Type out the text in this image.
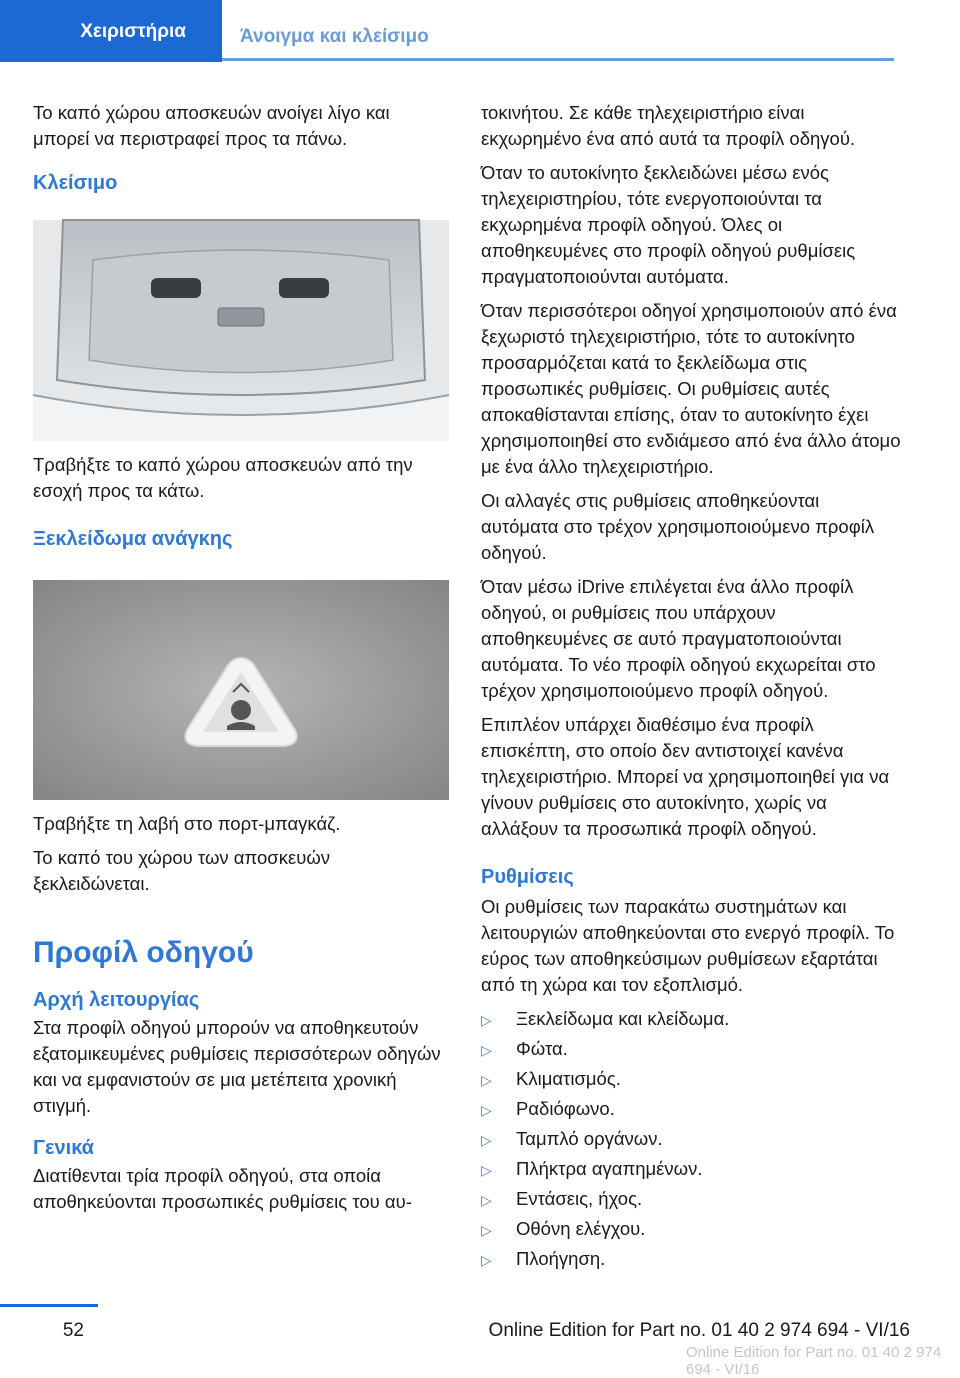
Χειριστήρια	Άνοιγμα και κλείσιμο

Το καπό χώρου αποσκευών ανοίγει λίγο και μπορεί να περιστραφεί προς τα πάνω.

Κλείσιμο

Τραβήξτε το καπό χώρου αποσκευών από την εσοχή προς τα κάτω.

Ξεκλείδωμα ανάγκης

Τραβήξτε τη λαβή στο πορτ-μπαγκάζ.

Το καπό του χώρου των αποσκευών ξεκλειδώνεται.

Προφίλ οδηγού
Αρχή λειτουργίας

Στα προφίλ οδηγού μπορούν να αποθηκευτούν εξατομικευμένες ρυθμίσεις περισσότερων οδηγών και να εμφανιστούν σε μια μετέπειτα χρονική στιγμή.

Γενικά

Διατίθενται τρία προφίλ οδηγού, στα οποία αποθηκεύονται προσωπικές ρυθμίσεις του αυ-

τοκινήτου. Σε κάθε τηλεχειριστήριο είναι εκχωρημένο ένα από αυτά τα προφίλ οδηγού.

Όταν το αυτοκίνητο ξεκλειδώνει μέσω ενός τηλεχειριστηρίου, τότε ενεργοποιούνται τα εκχωρημένα προφίλ οδηγού. Όλες οι αποθηκευμένες στο προφίλ οδηγού ρυθμίσεις πραγματοποιούνται αυτόματα.

Όταν περισσότεροι οδηγοί χρησιμοποιούν από ένα ξεχωριστό τηλεχειριστήριο, τότε το αυτοκίνητο προσαρμόζεται κατά το ξεκλείδωμα στις προσωπικές ρυθμίσεις. Οι ρυθμίσεις αυτές αποκαθίστανται επίσης, όταν το αυτοκίνητο έχει χρησιμοποιηθεί στο ενδιάμεσο από ένα άλλο άτομο με ένα άλλο τηλεχειριστήριο.

Οι αλλαγές στις ρυθμίσεις αποθηκεύονται αυτόματα στο τρέχον χρησιμοποιούμενο προφίλ οδηγού.

Όταν μέσω iDrive επιλέγεται ένα άλλο προφίλ οδηγού, οι ρυθμίσεις που υπάρχουν αποθηκευμένες σε αυτό πραγματοποιούνται αυτόματα. Το νέο προφίλ οδηγού εκχωρείται στο τρέχον χρησιμοποιούμενο προφίλ οδηγού.

Επιπλέον υπάρχει διαθέσιμο ένα προφίλ επισκέπτη, στο οποίο δεν αντιστοιχεί κανένα τηλεχειριστήριο. Μπορεί να χρησιμοποιηθεί για να γίνουν ρυθμίσεις στο αυτοκίνητο, χωρίς να αλλάξουν τα προσωπικά προφίλ οδηγού.

Ρυθμίσεις

Οι ρυθμίσεις των παρακάτω συστημάτων και λειτουργιών αποθηκεύονται στο ενεργό προφίλ. Το εύρος των αποθηκεύσιμων ρυθμίσεων εξαρτάται από τη χώρα και τον εξοπλισμό.

▷ Ξεκλείδωμα και κλείδωμα.
▷ Φώτα.
▷ Κλιματισμός.
▷ Ραδιόφωνο.
▷ Ταμπλό οργάνων.
▷ Πλήκτρα αγαπημένων.
▷ Εντάσεις, ήχος.
▷ Οθόνη ελέγχου.
▷ Πλοήγηση.
52	Online Edition for Part no. 01 40 2 974 694 - VI/16
Online Edition for Part no. 01 40 2 974 694 - VI/16
